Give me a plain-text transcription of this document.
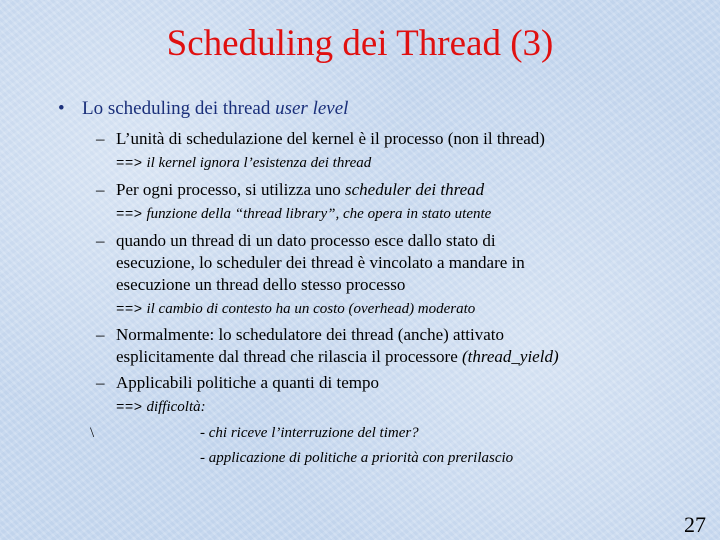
Scheduling dei Thread (3)
• Lo scheduling dei thread user level
– L’unità di schedulazione del kernel è il processo (non il thread)
==> il kernel ignora l’esistenza dei thread
– Per ogni processo, si utilizza uno scheduler dei thread
==> funzione della “thread library”, che opera in stato utente
– quando un thread di un dato processo esce dallo stato di
esecuzione, lo scheduler dei thread è vincolato a mandare in
esecuzione un thread dello stesso processo
==> il cambio di contesto ha un costo (overhead) moderato
– Normalmente: lo schedulatore dei thread (anche) attivato
esplicitamente dal thread che rilascia il processore (thread_yield)
– Applicabili politiche a quanti di tempo
==> difficoltà:
\	- chi riceve l’interruzione del timer?
- applicazione di politiche a priorità con prerilascio
27
